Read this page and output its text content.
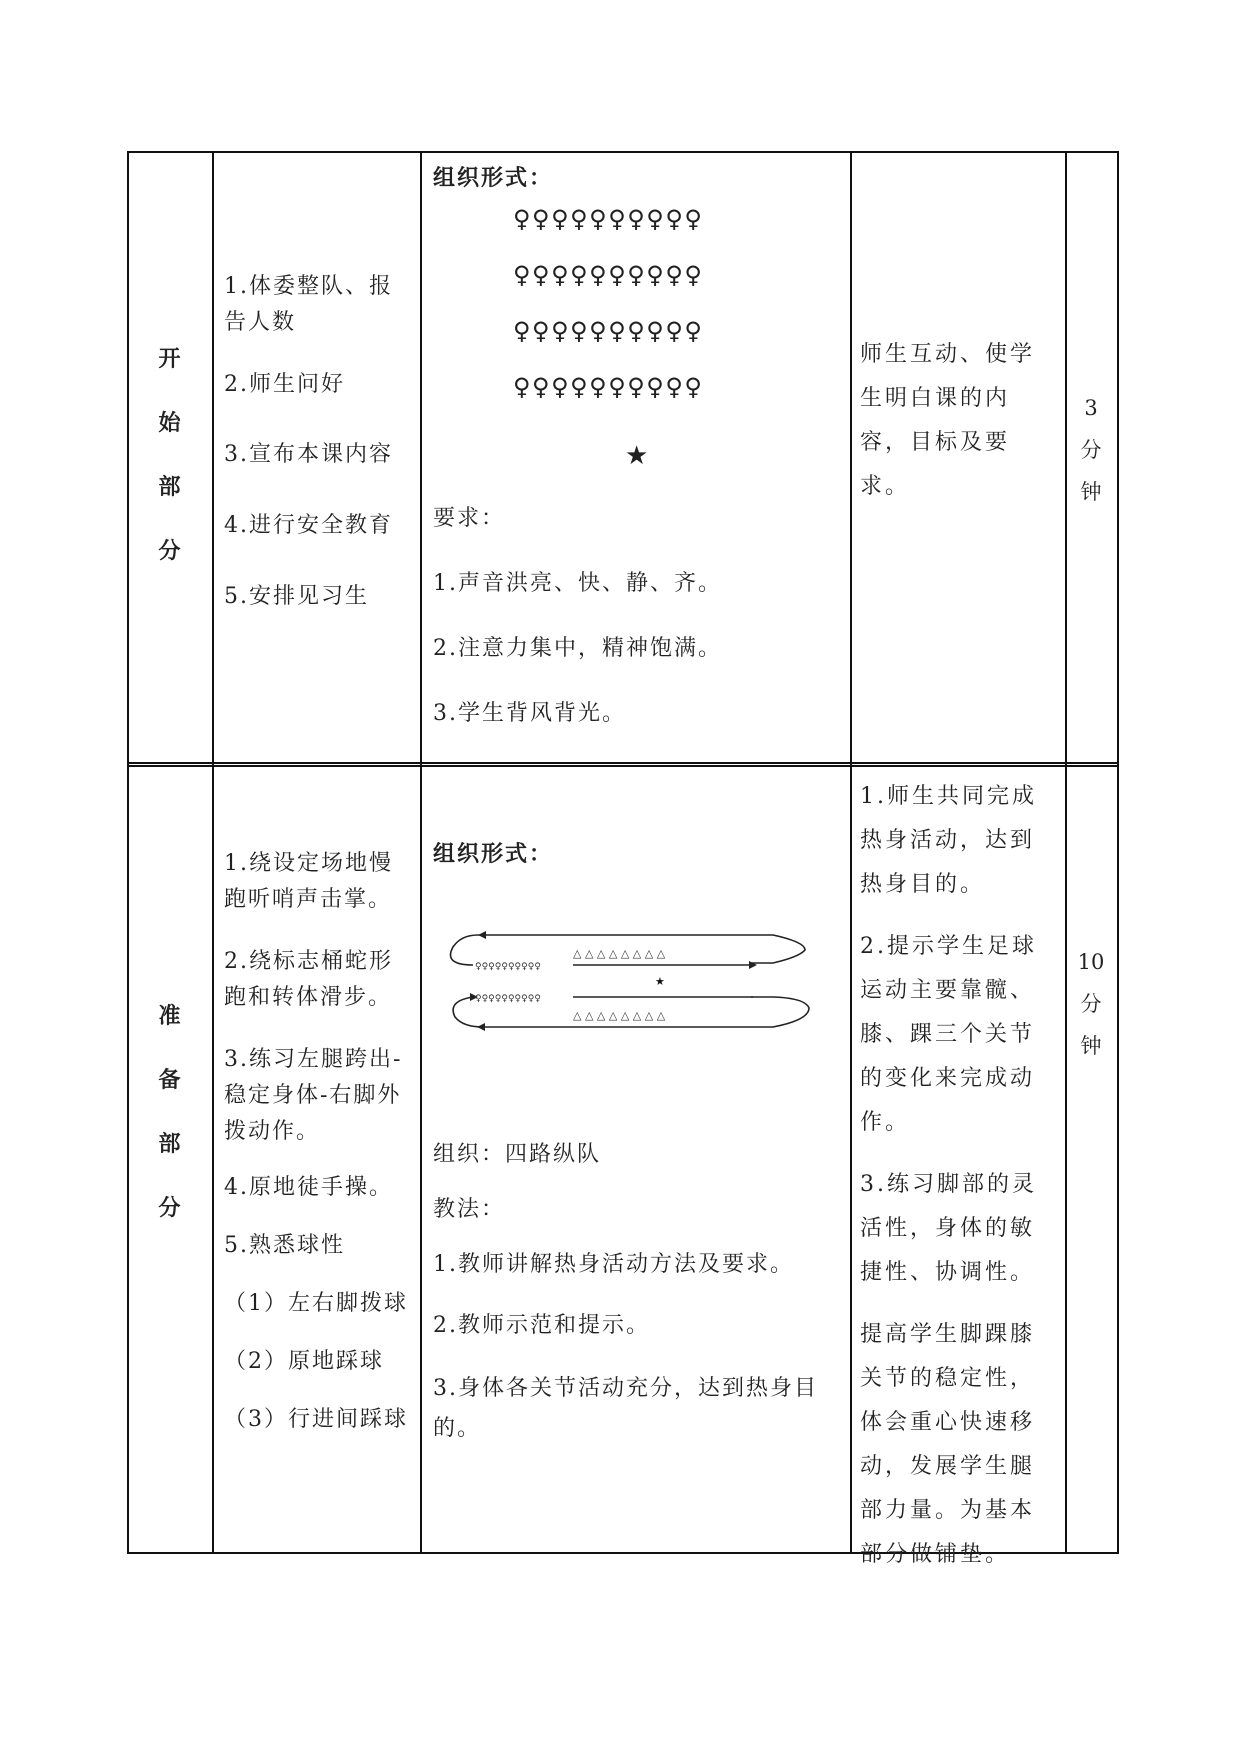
开始部分
1.体委整队、报告人数
2.师生问好
3.宣布本课内容
4.进行安全教育
5.安排见习生
组织形式：
♀♀♀♀♀♀♀♀♀♀
♀♀♀♀♀♀♀♀♀♀
♀♀♀♀♀♀♀♀♀♀
♀♀♀♀♀♀♀♀♀♀
★
要求：
1.声音洪亮、快、静、齐。
2.注意力集中，精神饱满。
3.学生背风背光。
师生互动、使学生明白课的内容，目标及要求。
3
分钟
准备部分
1.绕设定场地慢跑听哨声击掌。
2.绕标志桶蛇形跑和转体滑步。
3.练习左腿跨出-稳定身体-右脚外拨动作。
4.原地徒手操。
5.熟悉球性
（1）左右脚拨球
（2）原地踩球
（3）行进间踩球
组织形式：
♀♀♀♀♀♀♀♀♀♀
♀♀♀♀♀♀♀♀♀♀
△ △ △ △ △ △ △ △
△ △ △ △ △ △ △ △
★
组织：四路纵队
教法：
1.教师讲解热身活动方法及要求。
2.教师示范和提示。
3.身体各关节活动充分，达到热身目的。
1.师生共同完成热身活动，达到热身目的。
2.提示学生足球运动主要靠髋、膝、踝三个关节的变化来完成动作。
3.练习脚部的灵活性，身体的敏捷性、协调性。
提高学生脚踝膝关节的稳定性，体会重心快速移动，发展学生腿部力量。为基本部分做铺垫。
10
分钟
